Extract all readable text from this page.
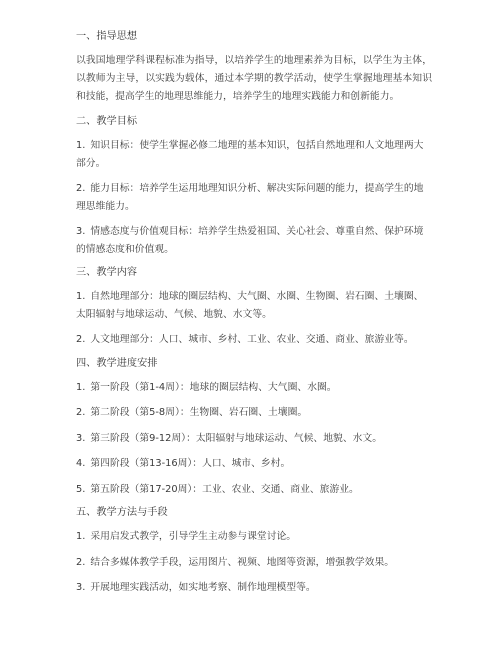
一、指导思想
以我国地理学科课程标准为指导，以培养学生的地理素养为目标，以学生为主体，以教师为主导，以实践为载体，通过本学期的教学活动，使学生掌握地理基本知识和技能，提高学生的地理思维能力，培养学生的地理实践能力和创新能力。
二、教学目标
1. 知识目标：使学生掌握必修二地理的基本知识，包括自然地理和人文地理两大部分。
2. 能力目标：培养学生运用地理知识分析、解决实际问题的能力，提高学生的地理思维能力。
3. 情感态度与价值观目标：培养学生热爱祖国、关心社会、尊重自然、保护环境的情感态度和价值观。
三、教学内容
1. 自然地理部分：地球的圈层结构、大气圈、水圈、生物圈、岩石圈、土壤圈、太阳辐射与地球运动、气候、地貌、水文等。
2. 人文地理部分：人口、城市、乡村、工业、农业、交通、商业、旅游业等。
四、教学进度安排
1. 第一阶段（第1-4周）：地球的圈层结构、大气圈、水圈。
2. 第二阶段（第5-8周）：生物圈、岩石圈、土壤圈。
3. 第三阶段（第9-12周）：太阳辐射与地球运动、气候、地貌、水文。
4. 第四阶段（第13-16周）：人口、城市、乡村。
5. 第五阶段（第17-20周）：工业、农业、交通、商业、旅游业。
五、教学方法与手段
1. 采用启发式教学，引导学生主动参与课堂讨论。
2. 结合多媒体教学手段，运用图片、视频、地图等资源，增强教学效果。
3. 开展地理实践活动，如实地考察、制作地理模型等。
